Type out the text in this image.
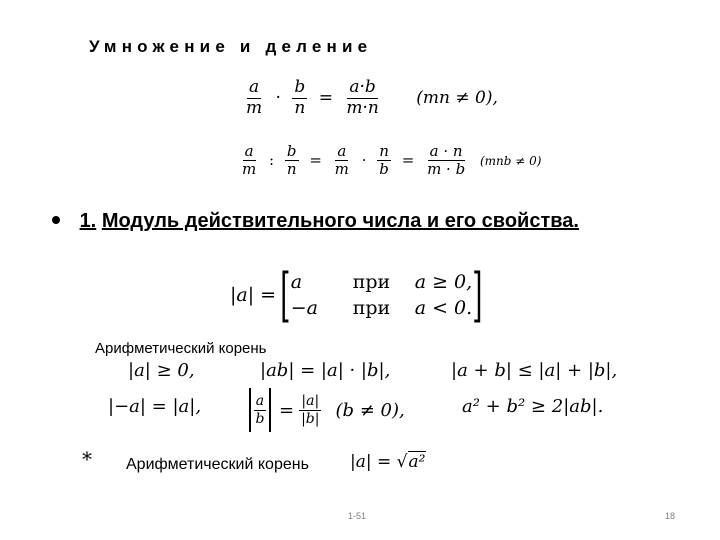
Умножение и деление
$\frac{a}{m} \cdot \frac{b}{n} = \frac{a\cdot b}{m\cdot n} (mn \ne 0)$,
$\frac{a}{m}$ : $\frac{b}{n} = \frac{a}{m} \cdot \frac{n}{b} = \frac{a \cdot n}{m \cdot b} (mnb \ne 0)$
1. Модуль действительного числа и его свойства.
|a| = [ a	при	a ≥ 0,
−a	при	a < 0. ]
Арифметический корень
|a| ≥ 0,	|ab| = |a| · |b|,	|a + b| ≤ |a| + |b|,
|−a| = |a|,	$\frac{a}{b} = \frac{|a|}{|b|} (b \ne 0)$,	a² + b² ≥ 2|ab|.
* Арифметический корень |a| = √a²
1-51	18
